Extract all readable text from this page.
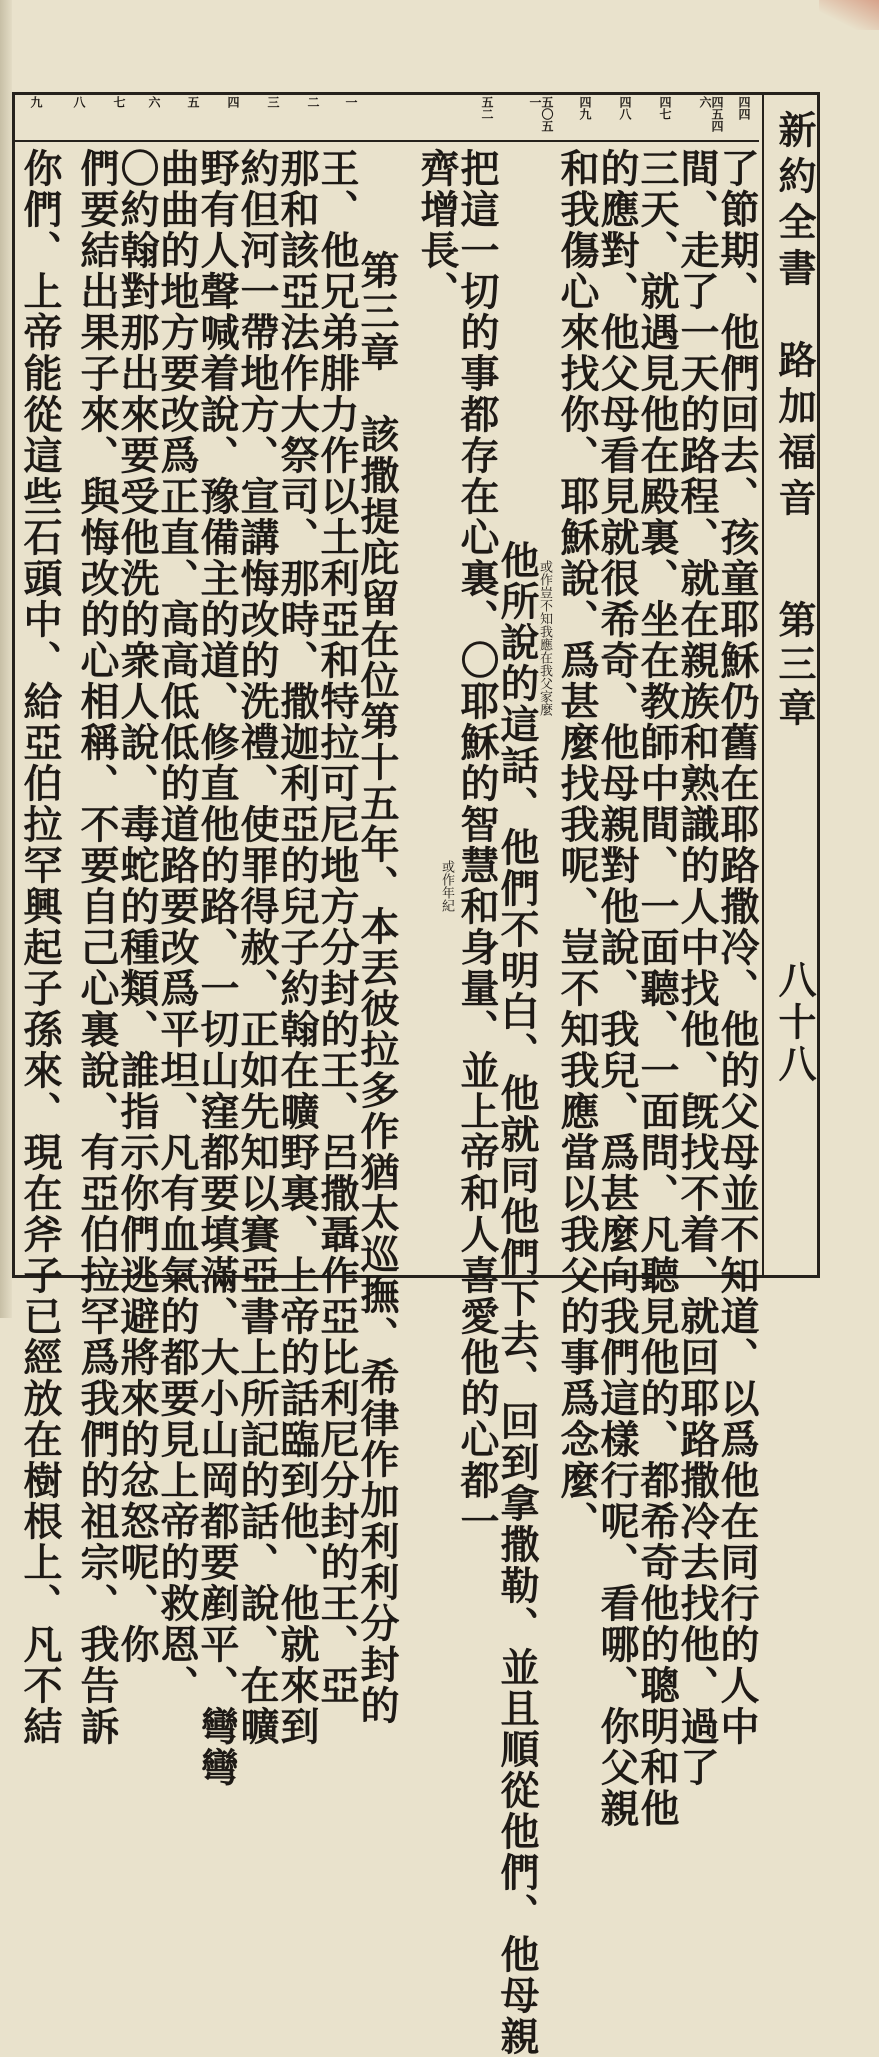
新約全書　路加福音
第三章
八十八
四四
四五四六
四七
四八
四九
五〇五一
五二
一
二
三
四
五
六
七
八
九
了節期、他們回去、孩童耶穌仍舊在耶路撒冷、他的父母並不知道、以爲他在同行的人中
間、走了一天的路程、就在親族和熟識的人中找他、旣找不着、就回耶路撒冷去找他、過了
三天、就遇見他在殿裏、坐在教師中間、一面聽、一面問、凡聽見他的、都希奇他的聰明和他
的應對、他父母看見就很希奇、他母親對他說、我兒、爲甚麼向我們這樣行呢、看哪、你父親
和我傷心來找你、耶穌說、爲甚麼找我呢、豈不知我應當以我父的事爲念麼、
或作豈不知我應在我父家麼
他所說的這話、他們不明白、他就同他們下去、回到拿撒勒、並且順從他們、他母親
把這一切的事都存在心裏、〇耶穌的智慧和身量、並上帝和人喜愛他的心都一
或作年紀
齊增長、
第三章　該撒提庇留在位第十五年、本丟彼拉多作猶太巡撫、希律作加利利分封的
王、他兄弟腓力作以土利亞和特拉可尼地方分封的王、呂撒聶作亞比利尼分封的王、亞
那和該亞法作大祭司、那時、撒迦利亞的兒子約翰在曠野裏、上帝的話臨到他、他就來到
約但河一帶地方、宣講悔改的洗禮、使罪得赦、正如先知以賽亞書上所記的話、說、在曠
野有人聲喊着說、豫備主的道、修直他的路、一切山窪都要填滿、大小山岡都要剷平、彎彎
曲曲的地方要改爲正直、高高低低的道路要改爲平坦、凡有血氣的都要見上帝的救恩、
〇約翰對那出來要受他洗的衆人說、毒蛇的種類、誰指示你們逃避將來的忿怒呢、你
們要結出果子來、與悔改的心相稱、不要自己心裏說、有亞伯拉罕爲我們的祖宗、我告訴
你們、上帝能從這些石頭中、給亞伯拉罕興起子孫來、現在斧子已經放在樹根上、凡不結
